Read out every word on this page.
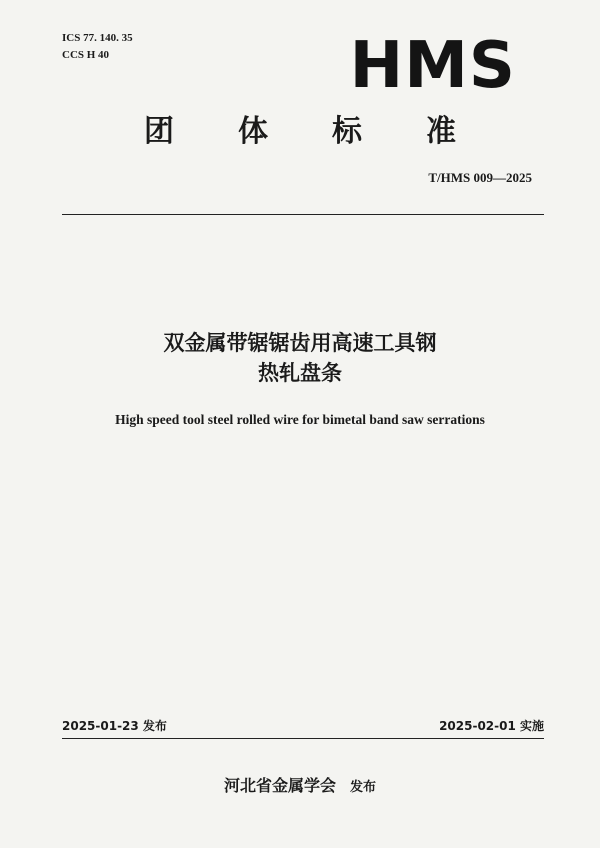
ICS 77. 140. 35
CCS H 40	HMS
团体标准
T/HMS 009—2025
双金属带锯锯齿用高速工具钢
热轧盘条
High speed tool steel rolled wire for bimetal band saw serrations
2025-01-23 发布	2025-02-01 实施
河北省金属学会 发布
